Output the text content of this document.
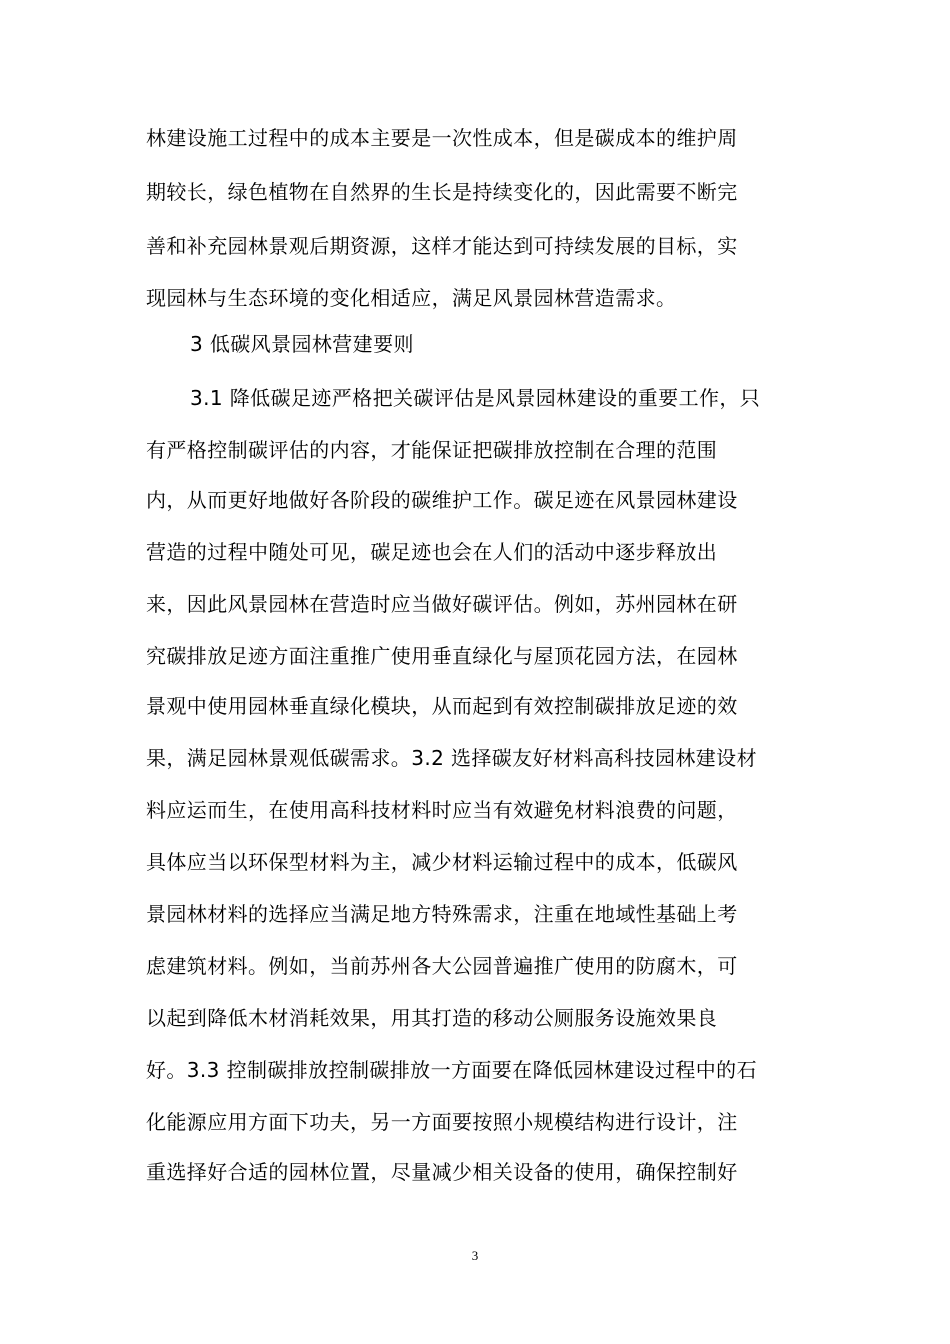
林建设施工过程中的成本主要是一次性成本，但是碳成本的维护周
期较长，绿色植物在自然界的生长是持续变化的，因此需要不断完
善和补充园林景观后期资源，这样才能达到可持续发展的目标，实
现园林与生态环境的变化相适应，满足风景园林营造需求。
3 低碳风景园林营建要则
3.1 降低碳足迹严格把关碳评估是风景园林建设的重要工作，只
有严格控制碳评估的内容，才能保证把碳排放控制在合理的范围
内，从而更好地做好各阶段的碳维护工作。碳足迹在风景园林建设
营造的过程中随处可见，碳足迹也会在人们的活动中逐步释放出
来，因此风景园林在营造时应当做好碳评估。例如，苏州园林在研
究碳排放足迹方面注重推广使用垂直绿化与屋顶花园方法，在园林
景观中使用园林垂直绿化模块，从而起到有效控制碳排放足迹的效
果，满足园林景观低碳需求。3.2 选择碳友好材料高科技园林建设材
料应运而生，在使用高科技材料时应当有效避免材料浪费的问题，
具体应当以环保型材料为主，减少材料运输过程中的成本，低碳风
景园林材料的选择应当满足地方特殊需求，注重在地域性基础上考
虑建筑材料。例如，当前苏州各大公园普遍推广使用的防腐木，可
以起到降低木材消耗效果，用其打造的移动公厕服务设施效果良
好。3.3 控制碳排放控制碳排放一方面要在降低园林建设过程中的石
化能源应用方面下功夫，另一方面要按照小规模结构进行设计，注
重选择好合适的园林位置，尽量减少相关设备的使用，确保控制好
3
